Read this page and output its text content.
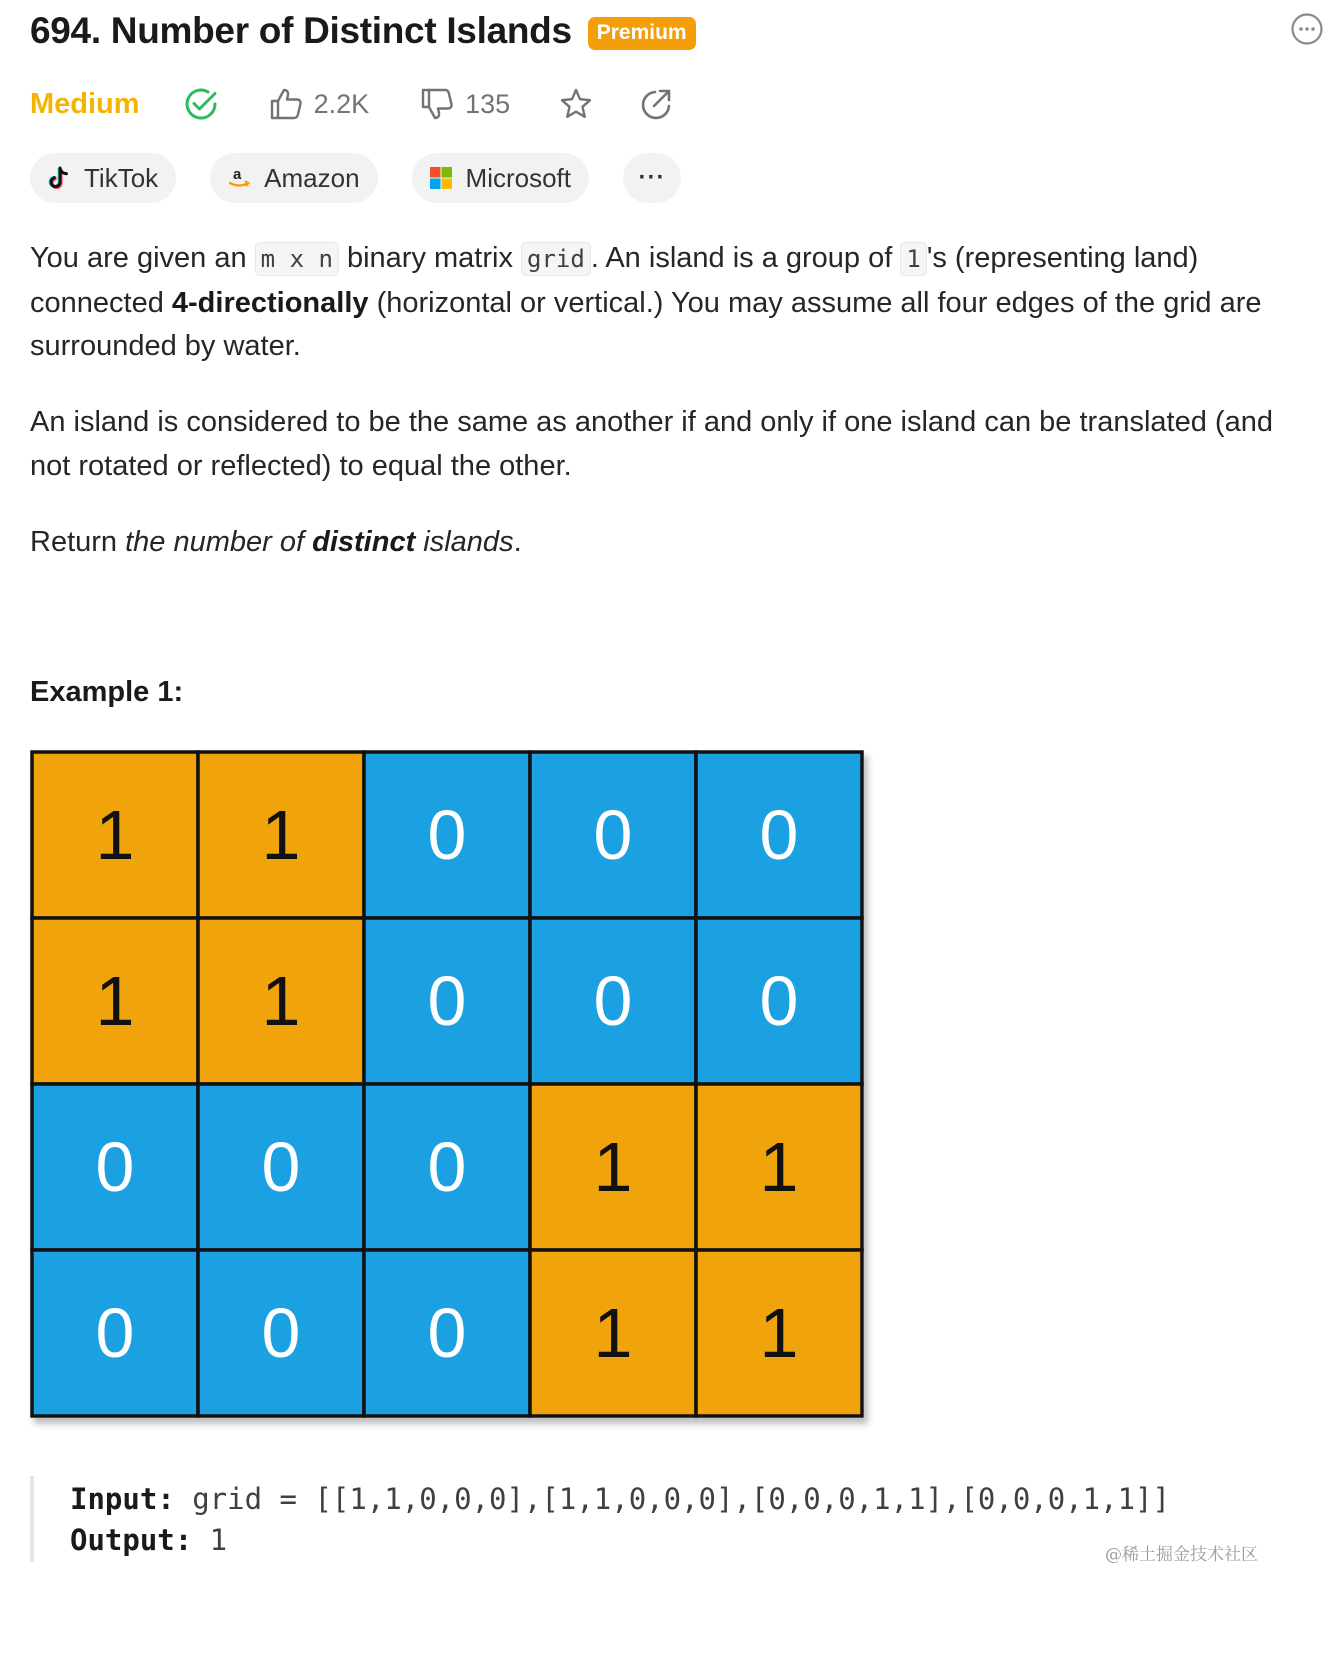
694. Number of Distinct Islands	Premium
Medium	2.2K	135
TikTok	a Amazon	Microsoft	···

You are given an m x n binary matrix grid . An island is a group of 1 's (representing land) connected 4-directionally (horizontal or vertical.) You may assume all four edges of the grid are surrounded by water.

An island is considered to be the same as another if and only if one island can be translated (and not rotated or reflected) to equal the other.

Return the number of distinct islands.

Example 1:
1 1 0 0 0
1 1 0 0 0
0 0 0 1 1
0 0 0 1 1
Input: grid = [[1,1,0,0,0],[1,1,0,0,0],[0,0,0,1,1],[0,0,0,1,1]]
Output: 1	@稀土掘金技术社区
